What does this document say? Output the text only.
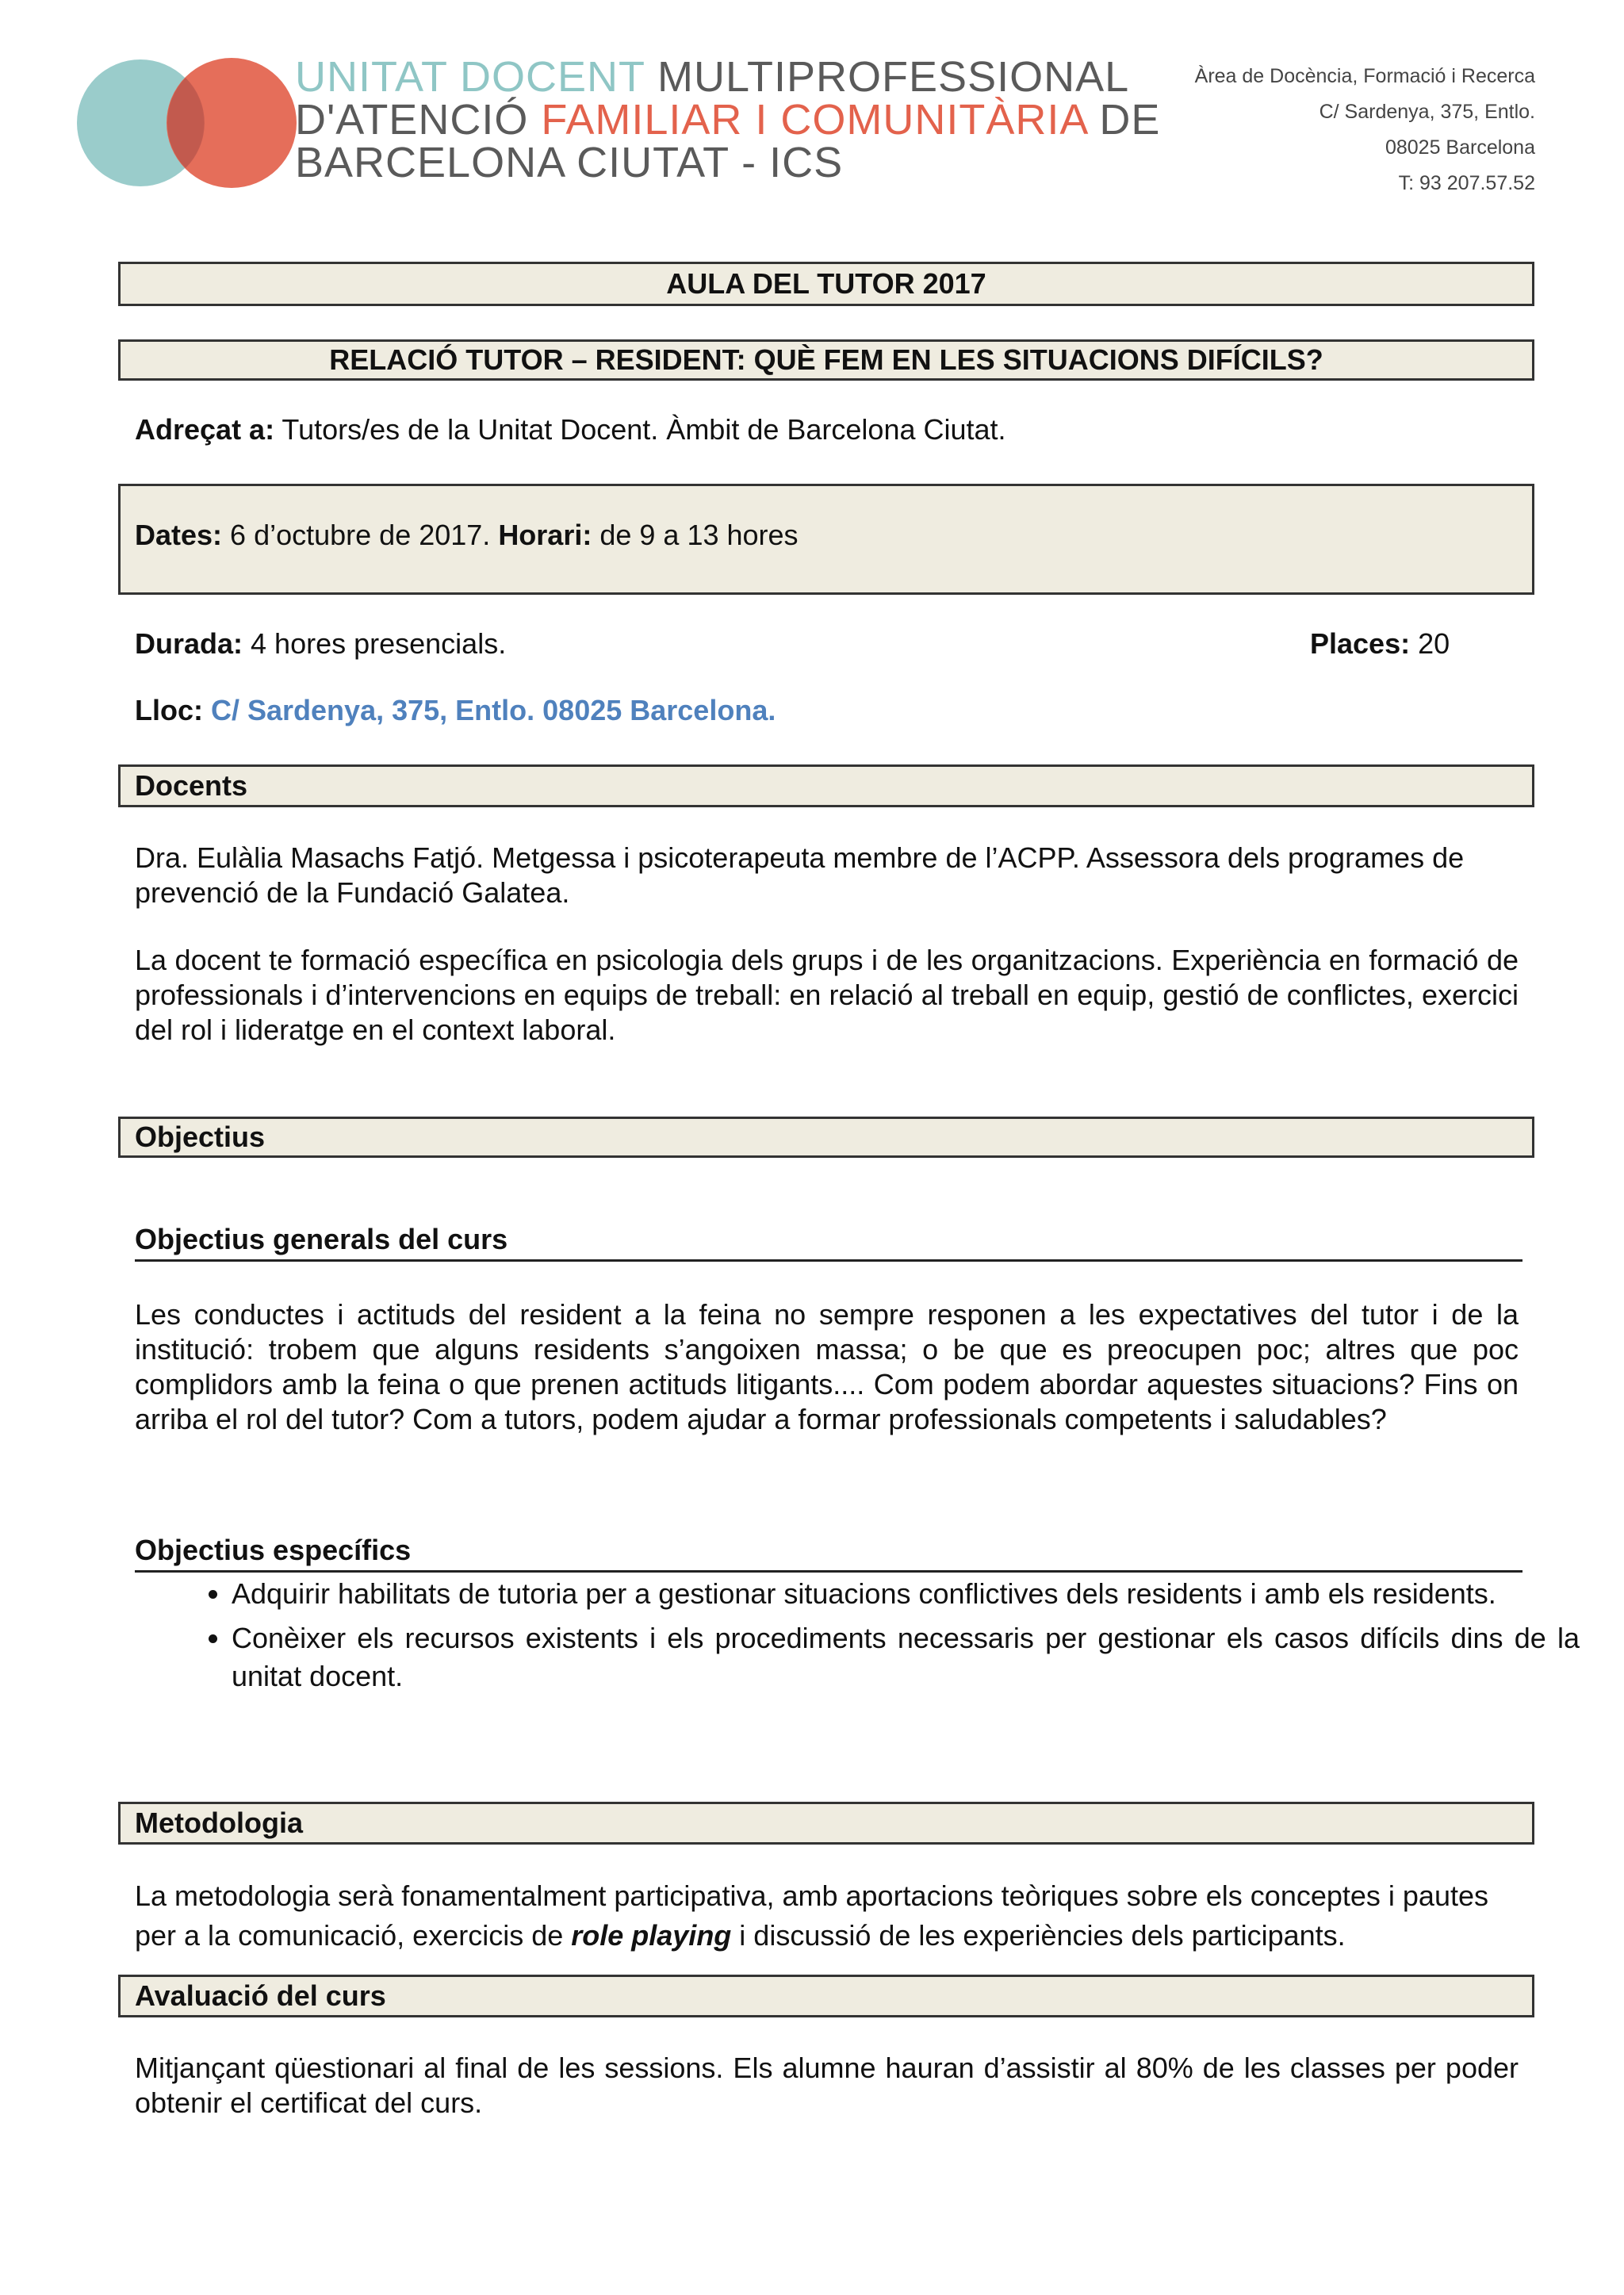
UNITAT DOCENT MULTIPROFESSIONAL
D'ATENCIÓ FAMILIAR I COMUNITÀRIA DE
BARCELONA CIUTAT - ICS
Àrea de Docència, Formació i Recerca
C/ Sardenya, 375, Entlo.
08025 Barcelona
T: 93 207.57.52
AULA DEL TUTOR 2017
RELACIÓ TUTOR – RESIDENT: QUÈ FEM EN LES SITUACIONS DIFÍCILS?
Adreçat a: Tutors/es de la Unitat Docent. Àmbit de Barcelona Ciutat.
Dates: 6 d’octubre de 2017. Horari: de 9 a 13 hores
Durada: 4 hores presencials.	Places: 20
Lloc: C/ Sardenya, 375, Entlo. 08025 Barcelona.
Docents
Dra. Eulàlia Masachs Fatjó. Metgessa i psicoterapeuta membre de l’ACPP. Assessora dels programes de prevenció de la Fundació Galatea.
La docent te formació específica en psicologia dels grups i de les organitzacions. Experiència en formació de professionals i d’intervencions en equips de treball: en relació al treball en equip, gestió de conflictes, exercici del rol i lideratge en el context laboral.
Objectius
Objectius generals del curs
Les conductes i actituds del resident a la feina no sempre responen a les expectatives del tutor i de la institució: trobem que alguns residents s’angoixen massa; o be que es preocupen poc; altres que poc complidors amb la feina o que prenen actituds litigants.... Com podem abordar aquestes situacions? Fins on arriba el rol del tutor? Com a tutors, podem ajudar a formar professionals competents i saludables?
Objectius específics
• Adquirir habilitats de tutoria per a gestionar situacions conflictives dels residents i amb els residents.
• Conèixer els recursos existents i els procediments necessaris per gestionar els casos difícils dins de la unitat docent.
Metodologia
La metodologia serà fonamentalment participativa, amb aportacions teòriques sobre els conceptes i pautes per a la comunicació, exercicis de role playing i discussió de les experiències dels participants.
Avaluació del curs
Mitjançant qüestionari al final de les sessions. Els alumne hauran d’assistir al 80% de les classes per poder obtenir el certificat del curs.
